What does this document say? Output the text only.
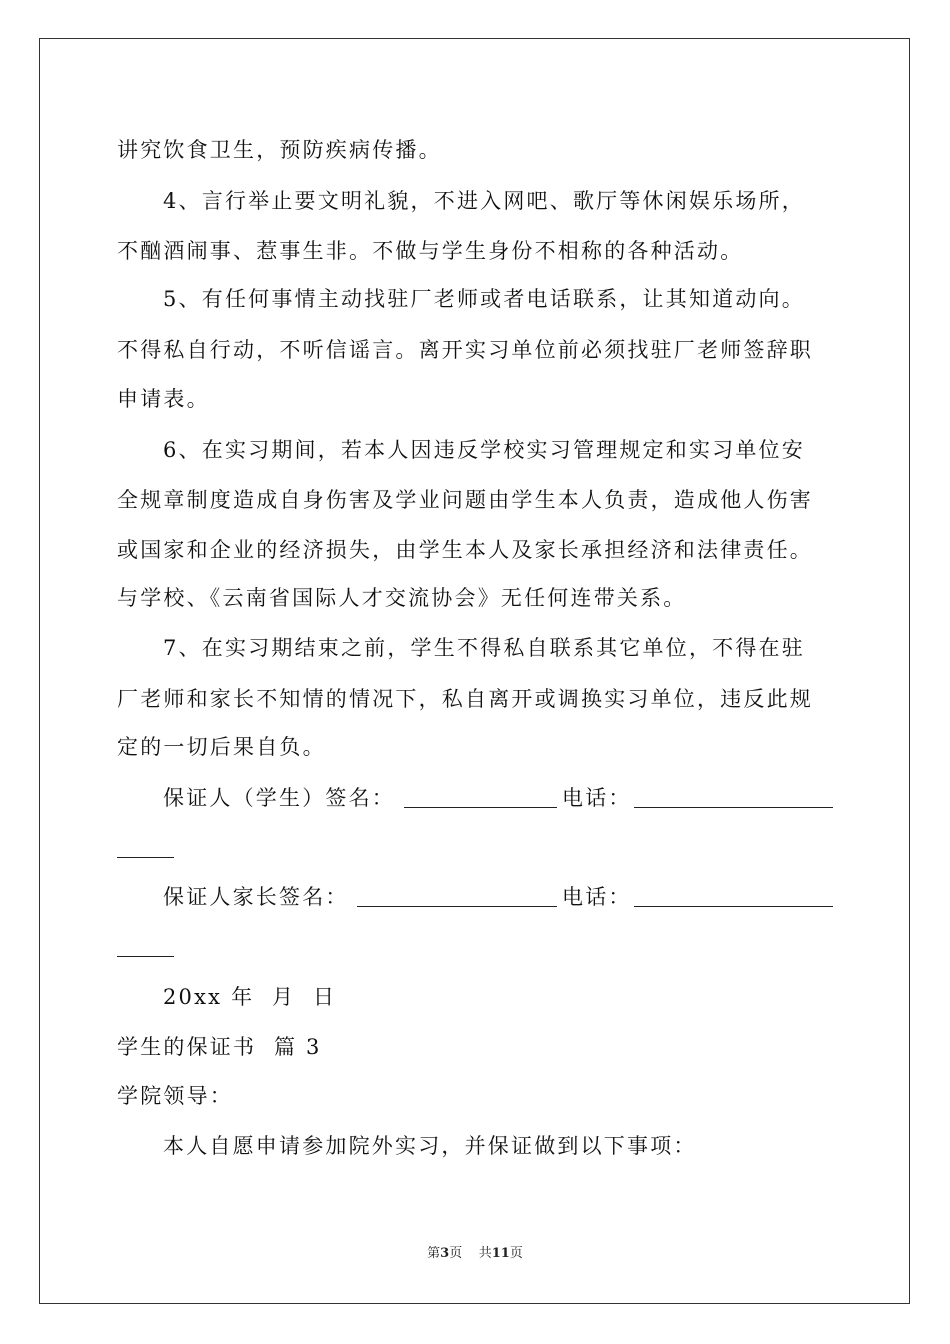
讲究饮食卫生，预防疾病传播。
4、言行举止要文明礼貌，不进入网吧、歌厅等休闲娱乐场所，
不酗酒闹事、惹事生非。不做与学生身份不相称的各种活动。
5、有任何事情主动找驻厂老师或者电话联系，让其知道动向。
不得私自行动，不听信谣言。离开实习单位前必须找驻厂老师签辞职
申请表。
6、在实习期间，若本人因违反学校实习管理规定和实习单位安
全规章制度造成自身伤害及学业问题由学生本人负责，造成他人伤害
或国家和企业的经济损失，由学生本人及家长承担经济和法律责任。
与学校、《云南省国际人才交流协会》无任何连带关系。
7、在实习期结束之前，学生不得私自联系其它单位，不得在驻
厂老师和家长不知情的情况下，私自离开或调换实习单位，违反此规
定的一切后果自负。
保证人（学生）签名：	电话：
保证人家长签名：	电话：
20xx 年  月  日
学生的保证书  篇 3
学院领导：
本人自愿申请参加院外实习，并保证做到以下事项：
第3页    共11页
